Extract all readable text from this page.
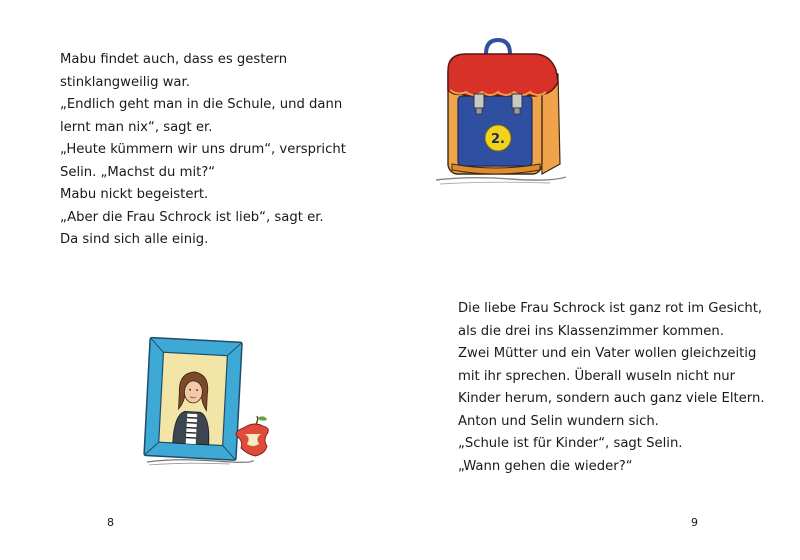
Mabu findet auch, dass es gestern
stinklangweilig war.
„Endlich geht man in die Schule, und dann
lernt man nix“, sagt er.
„Heute kümmern wir uns drum“, verspricht
Selin. „Machst du mit?“
Mabu nickt begeistert.
„Aber die Frau Schrock ist lieb“, sagt er.
Da sind sich alle einig.
8
2.
Die liebe Frau Schrock ist ganz rot im Gesicht,
als die drei ins Klassenzimmer kommen.
Zwei Mütter und ein Vater wollen gleichzeitig
mit ihr sprechen. Überall wuseln nicht nur
Kinder herum, sondern auch ganz viele Eltern.
Anton und Selin wundern sich.
„Schule ist für Kinder“, sagt Selin.
„Wann gehen die wieder?“
9
